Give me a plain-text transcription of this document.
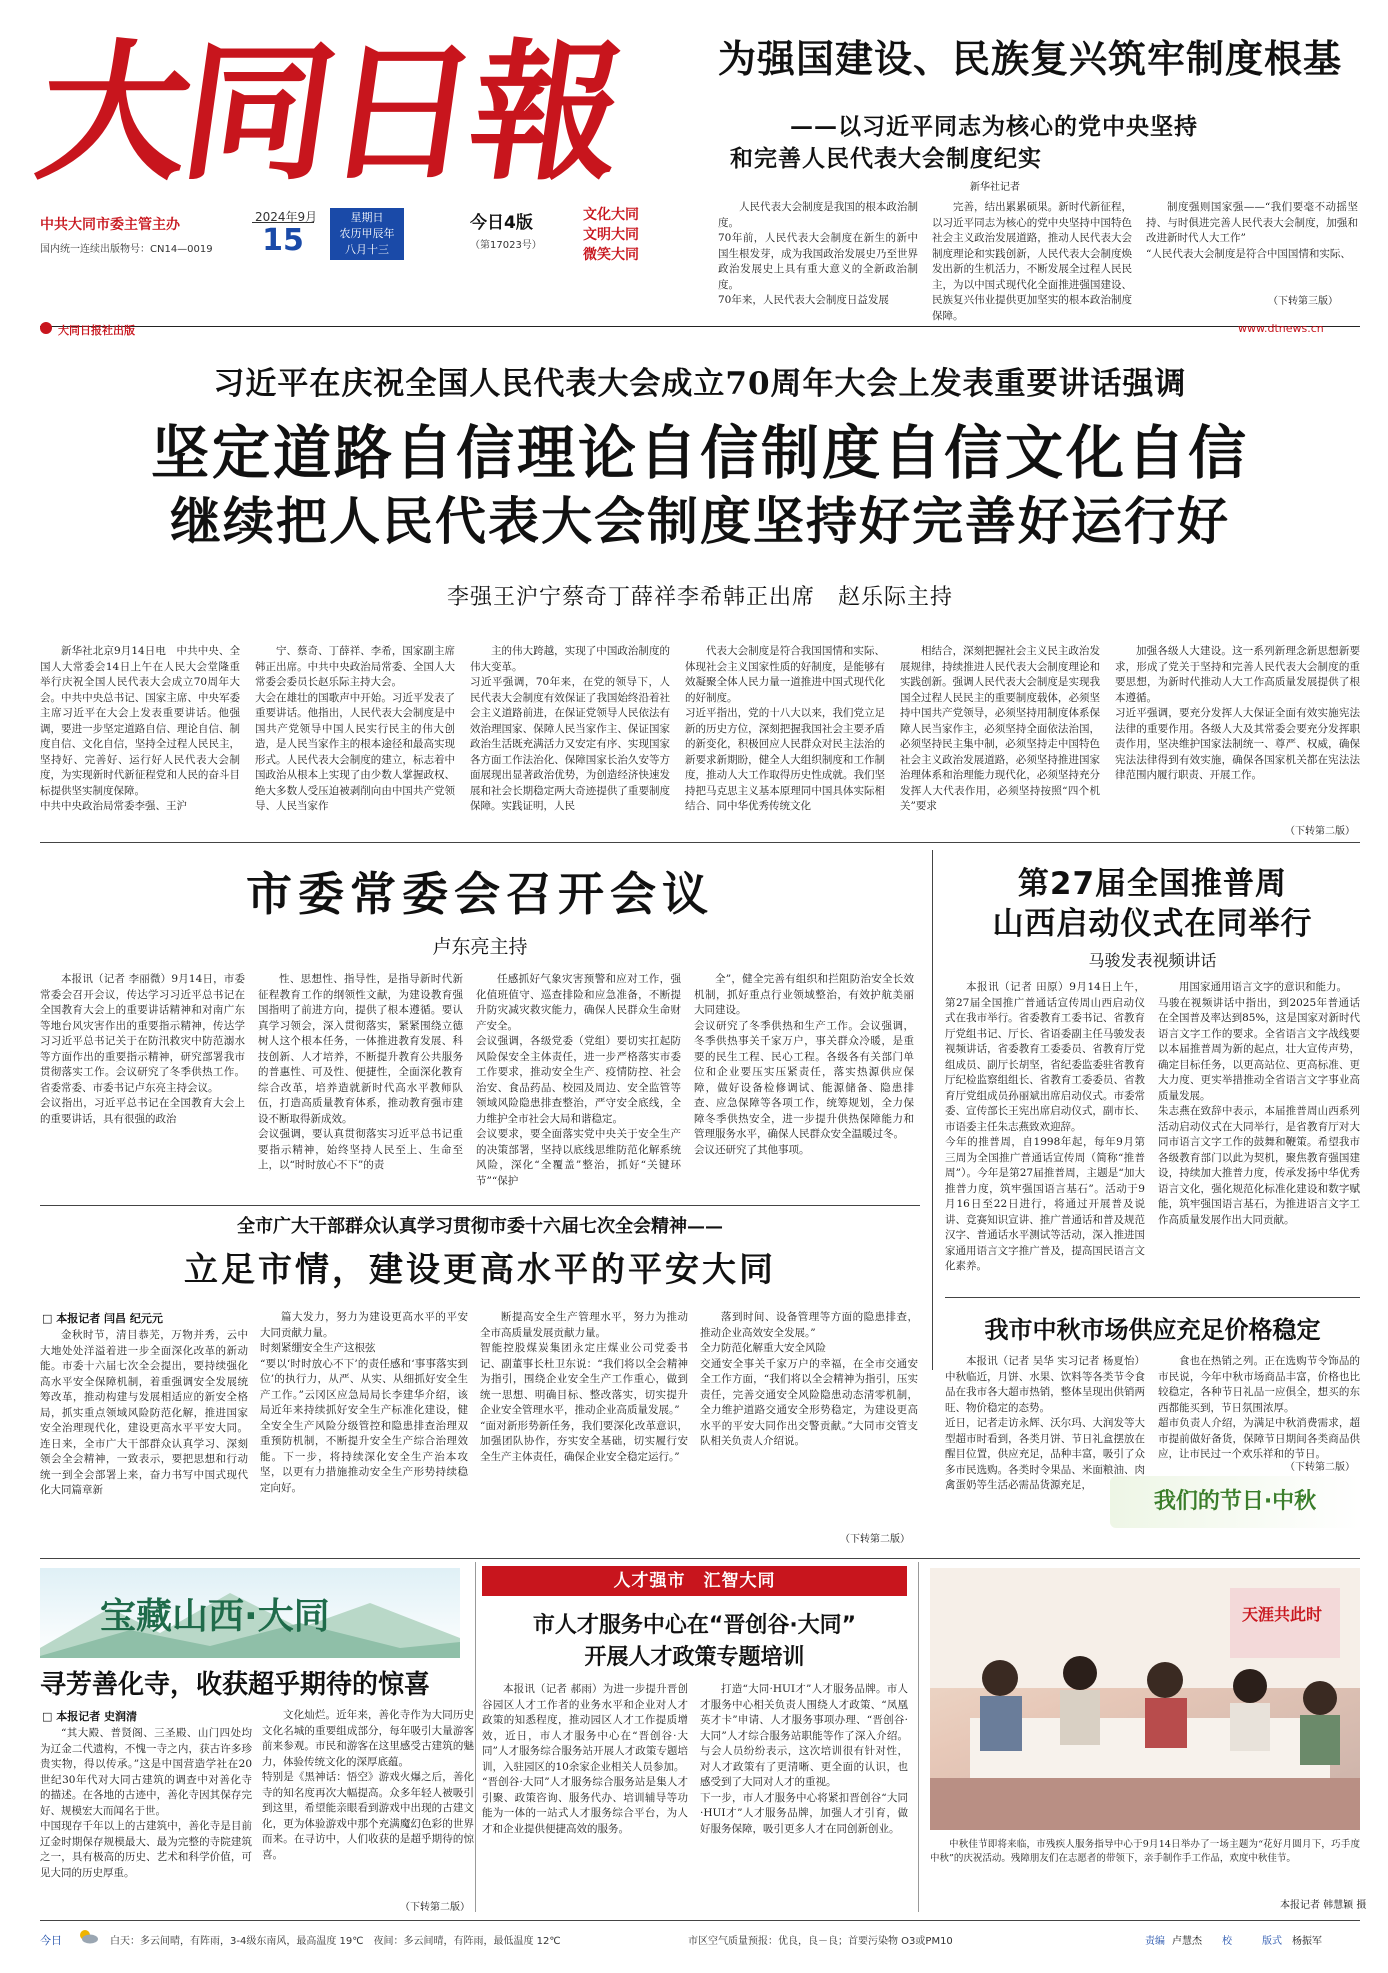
大同日報
中共大同市委主管主办
国内统一连续出版物号：CN14—0019
2024年9月
15
星期日
农历甲辰年
八月十三
今日4版
（第17023号）
文化大同
文明大同
微笑大同
大同日报社出版	www.dtnews.cn
为强国建设、民族复兴筑牢制度根基
——以习近平同志为核心的党中央坚持
和完善人民代表大会制度纪实
新华社记者

人民代表大会制度是我国的根本政治制度。
70年前，人民代表大会制度在新生的新中国生根发芽，成为我国政治发展史乃至世界政治发展史上具有重大意义的全新政治制度。
70年来，人民代表大会制度日益发展

完善，结出累累硕果。新时代新征程，以习近平同志为核心的党中央坚持中国特色社会主义政治发展道路，推动人民代表大会制度理论和实践创新，人民代表大会制度焕发出新的生机活力，不断发展全过程人民民主，为以中国式现代化全面推进强国建设、民族复兴伟业提供更加坚实的根本政治制度保障。

制度强则国家强——“我们要毫不动摇坚持、与时俱进完善人民代表大会制度，加强和改进新时代人大工作”
“人民代表大会制度是符合中国国情和实际、

（下转第三版）
习近平在庆祝全国人民代表大会成立70周年大会上发表重要讲话强调
坚定道路自信理论自信制度自信文化自信
继续把人民代表大会制度坚持好完善好运行好
李强王沪宁蔡奇丁薛祥李希韩正出席　赵乐际主持

新华社北京9月14日电　中共中央、全国人大常委会14日上午在人民大会堂隆重举行庆祝全国人民代表大会成立70周年大会。中共中央总书记、国家主席、中央军委主席习近平在大会上发表重要讲话。他强调，要进一步坚定道路自信、理论自信、制度自信、文化自信，坚持全过程人民民主，坚持好、完善好、运行好人民代表大会制度，为实现新时代新征程党和人民的奋斗目标提供坚实制度保障。
中共中央政治局常委李强、王沪

宁、蔡奇、丁薛祥、李希，国家副主席韩正出席。中共中央政治局常委、全国人大常委会委员长赵乐际主持大会。
大会在雄壮的国歌声中开始。习近平发表了重要讲话。他指出，人民代表大会制度是中国共产党领导中国人民实行民主的伟大创造，是人民当家作主的根本途径和最高实现形式。人民代表大会制度的建立，标志着中国政治从根本上实现了由少数人掌握政权、绝大多数人受压迫被剥削向由中国共产党领导、人民当家作

主的伟大跨越，实现了中国政治制度的伟大变革。
习近平强调，70年来，在党的领导下，人民代表大会制度有效保证了我国始终沿着社会主义道路前进，在保证党领导人民依法有效治理国家、保障人民当家作主、保证国家政治生活既充满活力又安定有序、实现国家各方面工作法治化、保障国家长治久安等方面展现出显著政治优势，为创造经济快速发展和社会长期稳定两大奇迹提供了重要制度保障。实践证明，人民

代表大会制度是符合我国国情和实际、体现社会主义国家性质的好制度，是能够有效凝聚全体人民力量一道推进中国式现代化的好制度。
习近平指出，党的十八大以来，我们党立足新的历史方位，深刻把握我国社会主要矛盾的新变化，积极回应人民群众对民主法治的新要求新期盼，健全人大组织制度和工作制度，推动人大工作取得历史性成就。我们坚持把马克思主义基本原理同中国具体实际相结合、同中华优秀传统文化

相结合，深刻把握社会主义民主政治发展规律，持续推进人民代表大会制度理论和实践创新。强调人民代表大会制度是实现我国全过程人民民主的重要制度载体，必须坚持中国共产党领导，必须坚持用制度体系保障人民当家作主，必须坚持全面依法治国，必须坚持民主集中制，必须坚持走中国特色社会主义政治发展道路，必须坚持推进国家治理体系和治理能力现代化，必须坚持充分发挥人大代表作用，必须坚持按照“四个机关”要求

加强各级人大建设。这一系列新理念新思想新要求，形成了党关于坚持和完善人民代表大会制度的重要思想，为新时代推动人大工作高质量发展提供了根本遵循。
习近平强调，要充分发挥人大保证全面有效实施宪法法律的重要作用。各级人大及其常委会要充分发挥职责作用，坚决维护国家法制统一、尊严、权威，确保宪法法律得到有效实施，确保各国家机关都在宪法法律范围内履行职责、开展工作。

（下转第二版）
市委常委会召开会议
卢东亮主持

本报讯（记者 李丽微）9月14日，市委常委会召开会议，传达学习习近平总书记在全国教育大会上的重要讲话精神和对南广东等地台风灾害作出的重要指示精神，传达学习习近平总书记关于在防汛救灾中防范溺水等方面作出的重要指示精神，研究部署我市贯彻落实工作。会议研究了冬季供热工作。省委常委、市委书记卢东亮主持会议。
会议指出，习近平总书记在全国教育大会上的重要讲话，具有很强的政治

性、思想性、指导性，是指导新时代新征程教育工作的纲领性文献，为建设教育强国指明了前进方向，提供了根本遵循。要认真学习领会，深入贯彻落实，紧紧围绕立德树人这个根本任务，一体推进教育发展、科技创新、人才培养，不断提升教育公共服务的普惠性、可及性、便捷性，全面深化教育综合改革，培养造就新时代高水平教师队伍，打造高质量教育体系，推动教育强市建设不断取得新成效。
会议强调，要认真贯彻落实习近平总书记重要指示精神，始终坚持人民至上、生命至上，以“时时放心不下”的责

任感抓好气象灾害预警和应对工作，强化值班值守、巡查排险和应急准备，不断提升防灾减灾救灾能力，确保人民群众生命财产安全。
会议强调，各级党委（党组）要切实扛起防风险保安全主体责任，进一步严格落实市委工作要求，推动安全生产、疫情防控、社会治安、食品药品、校园及周边、安全监管等领域风险隐患排查整治，严守安全底线，全力维护全市社会大局和谐稳定。
会议要求，要全面落实党中央关于安全生产的决策部署，坚持以底线思维防范化解系统风险，深化“全覆盖”整治，抓好“关键环节”“保护

全”，健全完善有组织和拦阻防治安全长效机制，抓好重点行业领域整治，有效护航美丽大同建设。
会议研究了冬季供热和生产工作。会议强调，冬季供热事关千家万户，事关群众冷暖，是重要的民生工程、民心工程。各级各有关部门单位和企业要压实压紧责任，落实热源供应保障，做好设备检修调试、能源储备、隐患排查、应急保障等各项工作，统筹规划，全力保障冬季供热安全，进一步提升供热保障能力和管理服务水平，确保人民群众安全温暖过冬。
会议还研究了其他事项。

第27届全国推普周
山西启动仪式在同举行
马骏发表视频讲话

本报讯（记者 田原）9月14日上午，第27届全国推广普通话宣传周山西启动仪式在我市举行。省委教育工委书记、省教育厅党组书记、厅长、省语委副主任马骏发表视频讲话，省委教育工委委员、省教育厅党组成员、副厅长胡坚，省纪委监委驻省教育厅纪检监察组组长、省教育工委委员、省教育厅党组成员孙丽斌出席启动仪式。市委常委、宣传部长王宪出席启动仪式，副市长、市语委主任朱志燕致欢迎辞。
今年的推普周，自1998年起，每年9月第三周为全国推广普通话宣传周（简称“推普周”）。今年是第27届推普周，主题是“加大推普力度，筑牢强国语言基石”。活动于9月16日至22日进行，将通过开展普及说讲、竞赛知识宣讲、推广普通话和普及规范汉字、普通话水平测试等活动，深入推进国家通用语言文字推广普及，提高国民语言文化素养。

用国家通用语言文字的意识和能力。
马骏在视频讲话中指出，到2025年普通话在全国普及率达到85%，这是国家对新时代语言文字工作的要求。全省语言文字战线要以本届推普周为新的起点，壮大宣传声势，确定目标任务，以更高站位、更高标准、更大力度、更实举措推动全省语言文字事业高质量发展。
朱志燕在致辞中表示，本届推普周山西系列活动启动仪式在大同举行，是省教育厅对大同市语言文字工作的鼓舞和鞭策。希望我市各级教育部门以此为契机，聚焦教育强国建设，持续加大推普力度，传承发扬中华优秀语言文化，强化规范化标准化建设和数字赋能，筑牢强国语言基石，为推进语言文字工作高质量发展作出大同贡献。

全市广大干部群众认真学习贯彻市委十六届七次全会精神——
立足市情，建设更高水平的平安大同
□ 本报记者 闫昌 纪元元

金秋时节，清目恭芜，万物并秀，云中大地处处洋溢着进一步全面深化改革的新动能。市委十六届七次全会提出，要持续强化高水平安全保障机制，着重强调安全发展统筹改革，推动构建与发展相适应的新安全格局，抓实重点领域风险防范化解，推进国家安全治理现代化，建设更高水平平安大同。连日来，全市广大干部群众认真学习、深刻领会全会精神，一致表示，要把思想和行动统一到全会部署上来，奋力书写中国式现代化大同篇章新

篇大发力，努力为建设更高水平的平安大同贡献力量。
时刻紧绷安全生产这根弦
“要以‘时时放心不下’的责任感和‘事事落实到位’的执行力，从严、从实、从细抓好安全生产工作。”云冈区应急局局长李建华介绍，该局近年来持续抓好安全生产标准化建设，健全安全生产风险分级管控和隐患排查治理双重预防机制，不断提升安全生产综合治理效能。下一步，将持续深化安全生产治本攻坚，以更有力措施推动安全生产形势持续稳定向好。

断提高安全生产管理水平，努力为推动全市高质量发展贡献力量。
智能控股煤炭集团永定庄煤业公司党委书记、副董事长杜卫东说：“我们将以全会精神为指引，围绕企业安全生产工作重心，做到统一思想、明确目标、整改落实，切实提升企业安全管理水平，推动企业高质量发展。”
“面对新形势新任务，我们要深化改革意识，加强团队协作，夯实安全基础，切实履行安全生产主体责任，确保企业安全稳定运行。”

落到时间、设备管理等方面的隐患排查，推动企业高效安全发展。”
全力防范化解重大安全风险
交通安全事关千家万户的幸福，在全市交通安全工作方面，“我们将以全会精神为指引，压实责任，完善交通安全风险隐患动态清零机制，全力维护道路交通安全形势稳定，为建设更高水平的平安大同作出交警贡献。”大同市交管支队相关负责人介绍说。

（下转第二版）
我市中秋市场供应充足价格稳定

本报讯（记者 吴华 实习记者 杨夏怡）中秋临近，月饼、水果、饮料等各类节令食品在我市各大超市热销，整体呈现出供销两旺、物价稳定的态势。
近日，记者走访永辉、沃尔玛、大润发等大型超市时看到，各类月饼、节日礼盒摆放在醒目位置，供应充足，品种丰富，吸引了众多市民选购。各类时令果品、米面粮油、肉禽蛋奶等生活必需品货源充足，

食也在热销之列。正在选购节令饰品的市民说，今年中秋市场商品丰富，价格也比较稳定，各种节日礼品一应俱全，想买的东西都能买到，节日氛围浓厚。
超市负责人介绍，为满足中秋消费需求，超市提前做好备货，保障节日期间各类商品供应，让市民过一个欢乐祥和的节日。

（下转第二版）
我们的节日·中秋
宝藏山西·大同
寻芳善化寺，收获超乎期待的惊喜
□ 本报记者 史润清

“其大殿、普贤阁、三圣殿、山门四处均为辽金二代遗构，不愧一寺之内，获古许多珍贵实物，得以传承。”这是中国营造学社在20世纪30年代对大同古建筑的调查中对善化寺的描述。在各地的古迹中，善化寺因其保存完好、规模宏大而闻名于世。
中国现存千年以上的古建筑中，善化寺是目前辽金时期保存规模最大、最为完整的寺院建筑之一，具有极高的历史、艺术和科学价值，可见大同的历史厚重。

文化灿烂。近年来，善化寺作为大同历史文化名城的重要组成部分，每年吸引大量游客前来参观。市民和游客在这里感受古建筑的魅力，体验传统文化的深厚底蕴。
特别是《黑神话：悟空》游戏火爆之后，善化寺的知名度再次大幅提高。众多年轻人被吸引到这里，希望能亲眼看到游戏中出现的古建文化，更为体验游戏中那个充满魔幻色彩的世界而来。在寻访中，人们收获的是超乎期待的惊喜。

（下转第二版）
人才强市　汇智大同
市人才服务中心在“晋创谷·大同”
开展人才政策专题培训

本报讯（记者 郝雨）为进一步提升晋创谷园区人才工作者的业务水平和企业对人才政策的知悉程度，推动园区人才工作提质增效，近日，市人才服务中心在“晋创谷·大同”人才服务综合服务站开展人才政策专题培训，入驻园区的10余家企业相关人员参加。
“晋创谷·大同”人才服务综合服务站是集人才引聚、政策咨询、服务代办、培训辅导等功能为一体的一站式人才服务综合平台，为人才和企业提供便捷高效的服务。

打造“大同·HUI才”人才服务品牌。市人才服务中心相关负责人围绕人才政策、“凤凰英才卡”申请、人才服务事项办理、“晋创谷·大同”人才综合服务站职能等作了深入介绍。与会人员纷纷表示，这次培训很有针对性，对人才政策有了更清晰、更全面的认识，也感受到了大同对人才的重视。
下一步，市人才服务中心将紧扣晋创谷“大同·HUI才”人才服务品牌，加强人才引育，做好服务保障，吸引更多人才在同创新创业。

天涯共此时

中秋佳节即将来临，市残疾人服务指导中心于9月14日举办了一场主题为“花好月圆月下，巧手度中秋”的庆祝活动。残障朋友们在志愿者的带领下，亲手制作手工作品，欢度中秋佳节。

本报记者 韩慧颖 摄
今日	白天：多云间晴，有阵雨，3-4级东南风，最高温度 19℃　夜间：多云间晴，有阵雨，最低温度 12℃	市区空气质量预报：优良，良－良；首要污染物 O3或PM10	责编 卢慧杰 校	版式 杨振军
